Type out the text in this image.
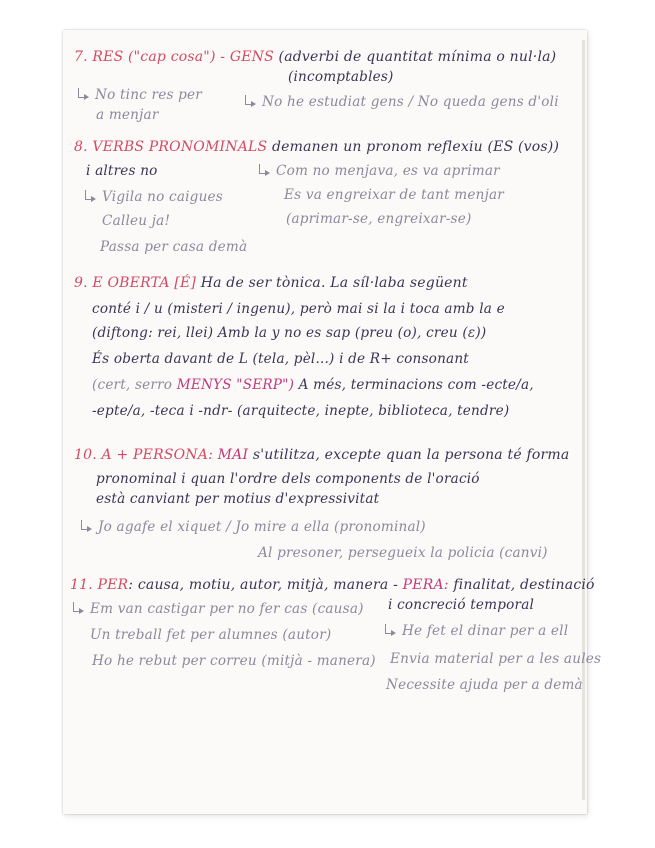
7. RES ("cap cosa") - GENS (adverbi de quantitat mínima o nul·la)
(incomptables)
No tinc res per
a menjar
No he estudiat gens / No queda gens d'oli
8. VERBS PRONOMINALS demanen un pronom reflexiu (ES (vos))
i altres no	Com no menjava, es va aprimar
Vigila no caigues	Es va engreixar de tant menjar
Calleu ja!	(aprimar-se, engreixar-se)
Passa per casa demà
9. E OBERTA [É] Ha de ser tònica. La síl·laba següent
conté i / u (misteri / ingenu), però mai si la i toca amb la e
(diftong: rei, llei) Amb la y no es sap (preu (o), creu (ɛ))
És oberta davant de L (tela, pèl...) i de R+ consonant
(cert, serro MENYS "SERP") A més, terminacions com -ecte/a,
-epte/a, -teca i -ndr- (arquitecte, inepte, biblioteca, tendre)
10. A + PERSONA: MAI s'utilitza, excepte quan la persona té forma
pronominal i quan l'ordre dels components de l'oració
està canviant per motius d'expressivitat
Jo agafe el xiquet / Jo mire a ella (pronominal)
Al presoner, persegueix la policia (canvi)
11. PER: causa, motiu, autor, mitjà, manera - PERA: finalitat, destinació
i concreció temporal
Em van castigar per no fer cas (causa)
Un treball fet per alumnes (autor)
Ho he rebut per correu (mitjà - manera)
He fet el dinar per a ell
Envia material per a les aules
Necessite ajuda per a demà
